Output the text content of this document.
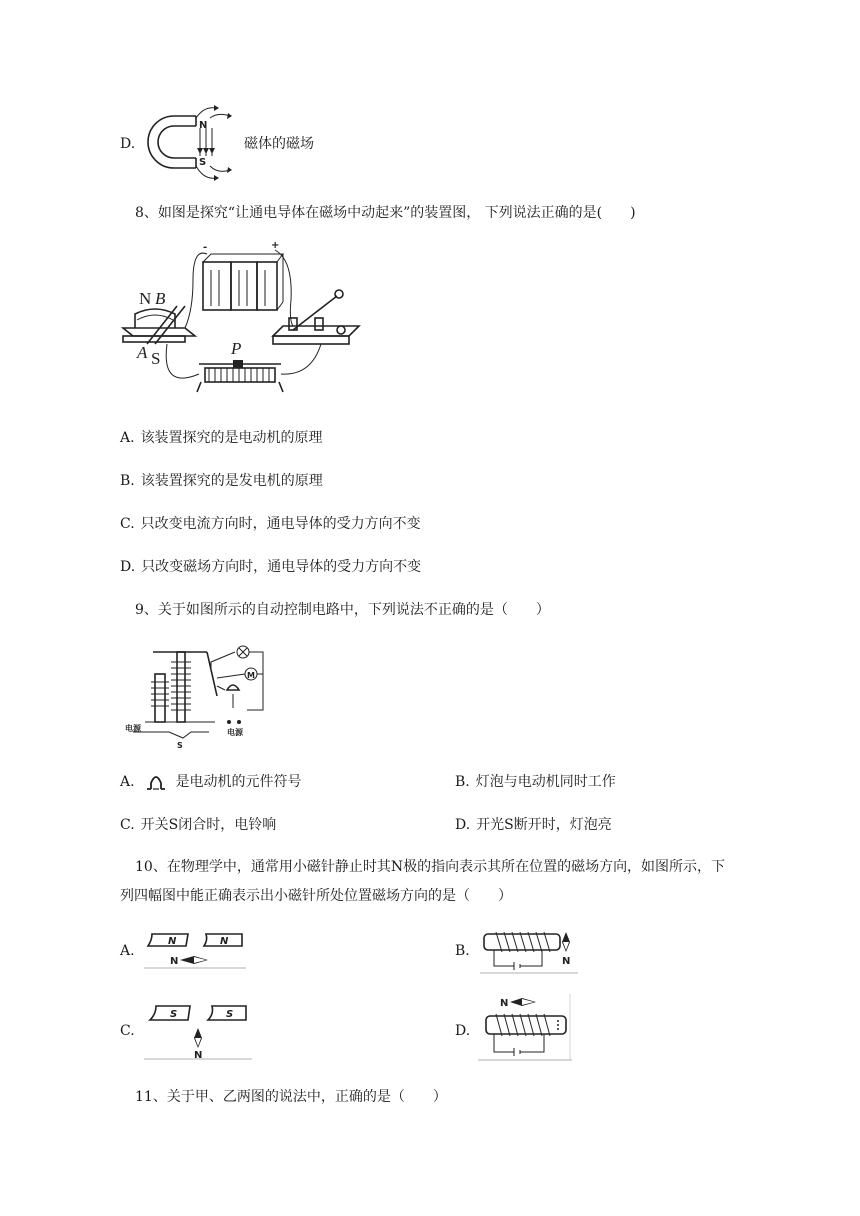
D.
N
S
磁体的磁场
8、如图是探究“让通电导体在磁场中动起来”的装置图， 下列说法正确的是(　　)
-	+
N B
A S
P
A. 该装置探究的是电动机的原理
B. 该装置探究的是发电机的原理
C. 只改变电流方向时，通电导体的受力方向不变
D. 只改变磁场方向时，通电导体的受力方向不变
9、关于如图所示的自动控制电路中，下列说法不正确的是（　　）
M
电源
S
电源
A.	是电动机的元件符号	B. 灯泡与电动机同时工作
C. 开关S闭合时，电铃响	D. 开光S断开时，灯泡亮
10、在物理学中，通常用小磁针静止时其N极的指向表示其所在位置的磁场方向，如图所示，下
列四幅图中能正确表示出小磁针所处位置磁场方向的是（　　）
A.
N	N
N
B.
N
C.
S	S
N
D.
N
11、关于甲、乙两图的说法中，正确的是（　　）
